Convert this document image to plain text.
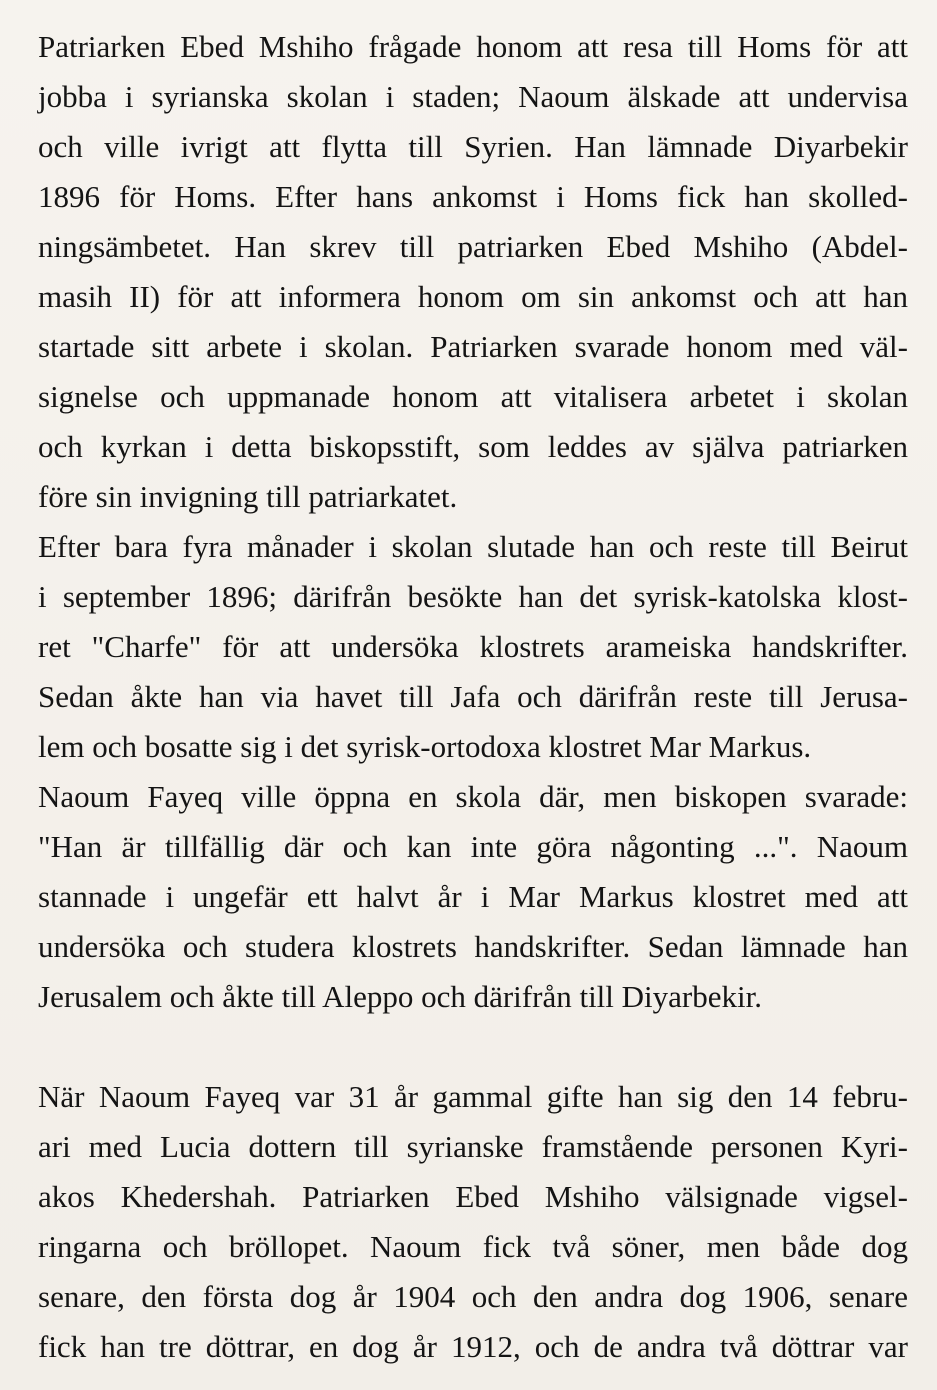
Patriarken Ebed Mshiho frågade honom att resa till Homs för att
jobba i syrianska skolan i staden; Naoum älskade att undervisa
och ville ivrigt att flytta till Syrien. Han lämnade Diyarbekir
1896 för Homs. Efter hans ankomst i Homs fick han skolled-
ningsämbetet. Han skrev till patriarken Ebed Mshiho (Abdel-
masih II) för att informera honom om sin ankomst och att han
startade sitt arbete i skolan. Patriarken svarade honom med väl-
signelse och uppmanade honom att vitalisera arbetet i skolan
och kyrkan i detta biskopsstift, som leddes av själva patriarken
före sin invigning till patriarkatet.
Efter bara fyra månader i skolan slutade han och reste till Beirut
i september 1896; därifrån besökte han det syrisk-katolska klost-
ret "Charfe" för att undersöka klostrets arameiska handskrifter.
Sedan åkte han via havet till Jafa och därifrån reste till Jerusa-
lem och bosatte sig i det syrisk-ortodoxa klostret Mar Markus.
Naoum Fayeq ville öppna en skola där, men biskopen svarade:
"Han är tillfällig där och kan inte göra någonting ...". Naoum
stannade i ungefär ett halvt år i Mar Markus klostret med att
undersöka och studera klostrets handskrifter. Sedan lämnade han
Jerusalem och åkte till Aleppo och därifrån till Diyarbekir.
När Naoum Fayeq var 31 år gammal gifte han sig den 14 febru-
ari med Lucia dottern till syrianske framstående personen Kyri-
akos Khedershah. Patriarken Ebed Mshiho välsignade vigsel-
ringarna och bröllopet. Naoum fick två söner, men både dog
senare, den första dog år 1904 och den andra dog 1906, senare
fick han tre döttrar, en dog år 1912, och de andra två döttrar var
